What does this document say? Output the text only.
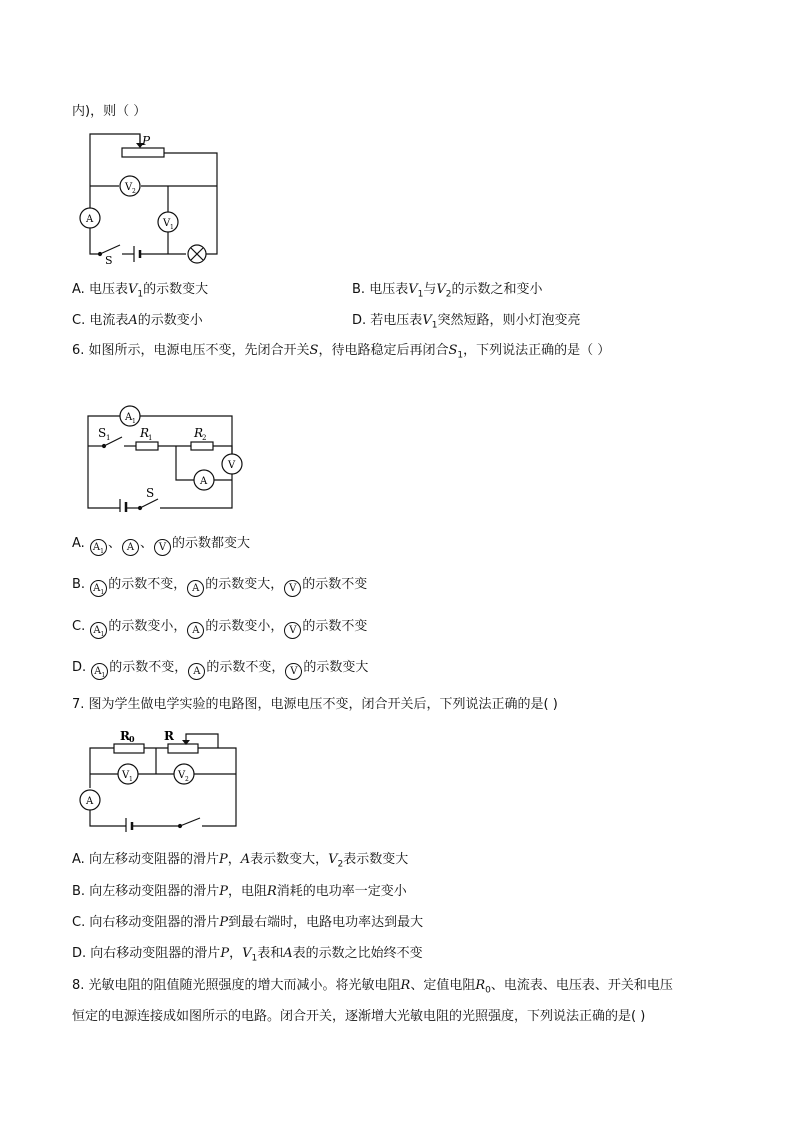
内)，则（ ）
P
V 2
V 1
A
S
A. 电压表$V_1$的示数变大	B. 电压表$V_1$与$V_2$的示数之和变小
C. 电流表A的示数变小	D. 若电压表$V_1$突然短路，则小灯泡变亮
6. 如图所示，电源电压不变，先闭合开关S，待电路稳定后再闭合$S_1$，下列说法正确的是（ ）
A 1
S 1 R
1	R
2
V
A
S
A. $A_1$、 A 、 V 的示数都变大
B. $A_1$的示数不变， A 的示数变大， V 的示数不变
C. $A_1$的示数变小， A 的示数变小， V 的示数不变
D. $A_1$的示数不变， A 的示数不变， V 的示数变大
7. 图为学生做电学实验的电路图，电源电压不变，闭合开关后，下列说法正确的是( )
R 0 R
V 1	V 2
A
A. 向左移动变阻器的滑片P，A表示数变大，$V_2$表示数变大
B. 向左移动变阻器的滑片P，电阻R消耗的电功率一定变小
C. 向右移动变阻器的滑片P到最右端时，电路电功率达到最大
D. 向右移动变阻器的滑片P，$V_1$表和A表的示数之比始终不变
8. 光敏电阻的阻值随光照强度的增大而减小。将光敏电阻R、定值电阻$R_0$、电流表、电压表、开关和电压
恒定的电源连接成如图所示的电路。闭合开关，逐渐增大光敏电阻的光照强度，下列说法正确的是( )
